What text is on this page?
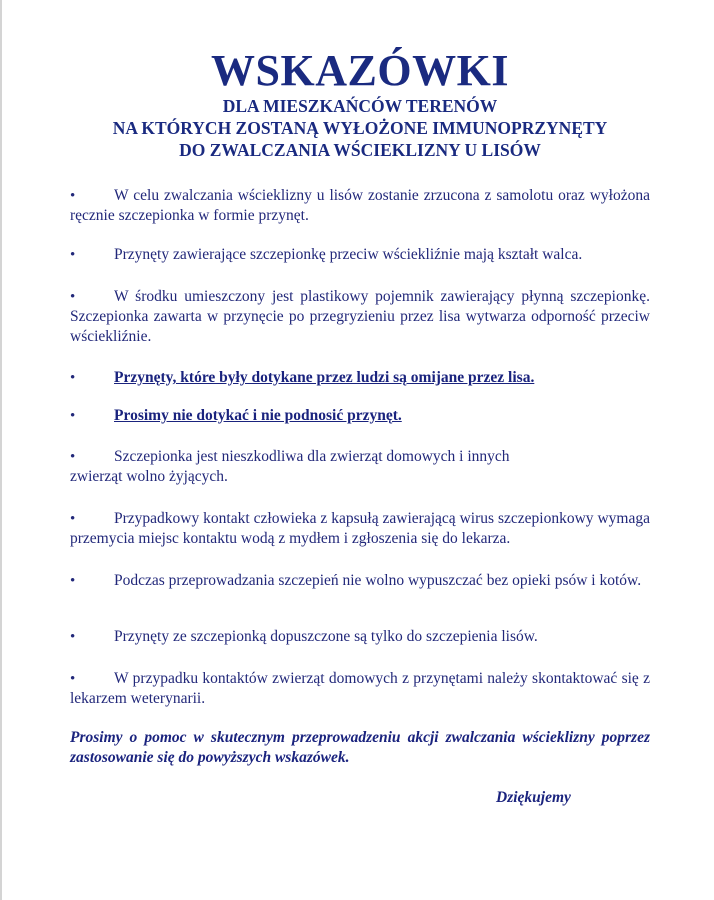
WSKAZÓWKI
DLA MIESZKAŃCÓW TERENÓW
NA KTÓRYCH ZOSTANĄ WYŁOŻONE IMMUNOPRZYNĘTY
DO ZWALCZANIA WŚCIEKLIZNY U LISÓW
•	W celu zwalczania wścieklizny u lisów zostanie zrzucona z samolotu oraz wyłożona ręcznie szczepionka w formie przynęt.

•	Przynęty zawierające szczepionkę przeciw wściekliźnie mają kształt walca.

•	W środku umieszczony jest plastikowy pojemnik zawierający płynną szczepionkę. Szczepionka zawarta w przynęcie po przegryzieniu przez lisa wytwarza odporność przeciw wściekliźnie.

•	Przynęty, które były dotykane przez ludzi są omijane przez lisa.

•	Prosimy nie dotykać i nie podnosić przynęt.

•	Szczepionka jest nieszkodliwa dla zwierząt domowych i innych zwierząt wolno żyjących.

•	Przypadkowy kontakt człowieka z kapsułą zawierającą wirus szczepionkowy wymaga przemycia miejsc kontaktu wodą z mydłem i zgłoszenia się do lekarza.

•	Podczas przeprowadzania szczepień nie wolno wypuszczać bez opieki psów i kotów.

•	Przynęty ze szczepionką dopuszczone są tylko do szczepienia lisów.

•	W przypadku kontaktów zwierząt domowych z przynętami należy skontaktować się z lekarzem weterynarii.

Prosimy o pomoc w skutecznym przeprowadzeniu akcji zwalczania wścieklizny poprzez zastosowanie się do powyższych wskazówek.
Dziękujemy
